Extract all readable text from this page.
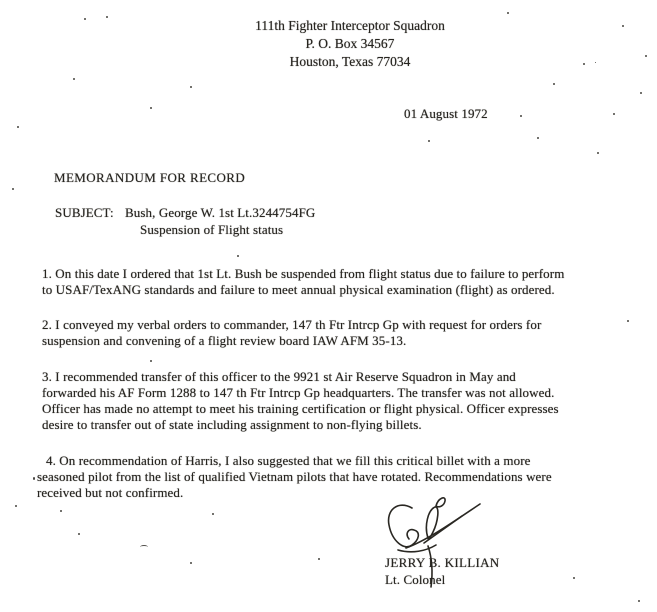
111th Fighter Interceptor Squadron
P. O. Box 34567
Houston, Texas 77034
01 August 1972
MEMORANDUM FOR RECORD
SUBJECT: Bush, George W. 1st Lt.3244754FG
Suspension of Flight status
1. On this date I ordered that 1st Lt. Bush be suspended from flight status due to failure to perform
to USAF/TexANG standards and failure to meet annual physical examination (flight) as ordered.
2. I conveyed my verbal orders to commander, 147 th Ftr Intrcp Gp with request for orders for
suspension and convening of a flight review board IAW AFM 35-13.
3. I recommended transfer of this officer to the 9921 st Air Reserve Squadron in May and
forwarded his AF Form 1288 to 147 th Ftr Intrcp Gp headquarters. The transfer was not allowed.
Officer has made no attempt to meet his training certification or flight physical. Officer expresses
desire to transfer out of state including assignment to non-flying billets.
4. On recommendation of Harris, I also suggested that we fill this critical billet with a more
seasoned pilot from the list of qualified Vietnam pilots that have rotated. Recommendations were
received but not confirmed.
JERRY B. KILLIAN
Lt. Colonel
